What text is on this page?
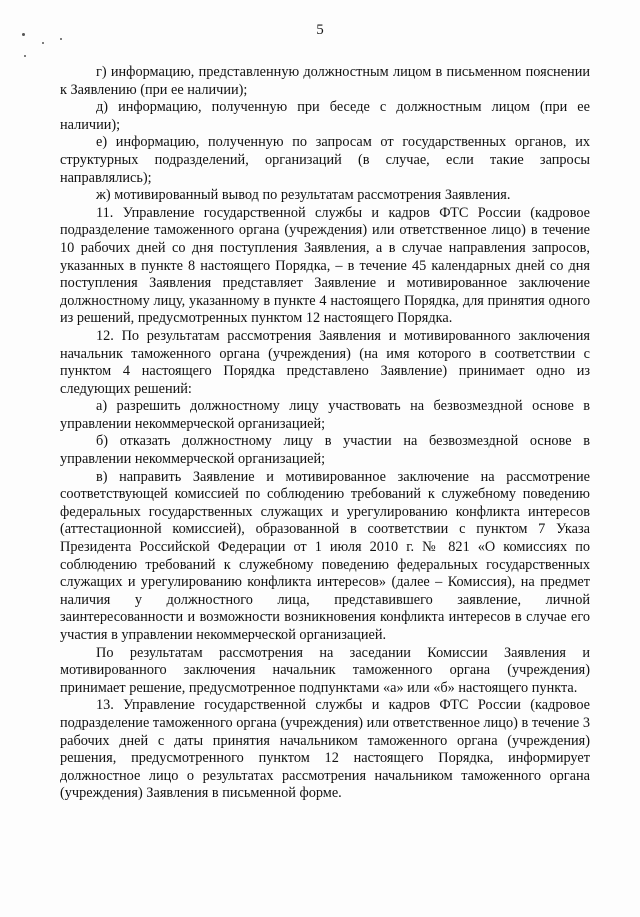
5

г) информацию, представленную должностным лицом в письменном пояснении к Заявлению (при ее наличии);

д) информацию, полученную при беседе с должностным лицом (при ее наличии);

е) информацию, полученную по запросам от государственных органов, их структурных подразделений, организаций (в случае, если такие запросы направлялись);

ж) мотивированный вывод по результатам рассмотрения Заявления.

11. Управление государственной службы и кадров ФТС России (кадровое подразделение таможенного органа (учреждения) или ответственное лицо) в течение 10 рабочих дней со дня поступления Заявления, а в случае направления запросов, указанных в пункте 8 настоящего Порядка, – в течение 45 календарных дней со дня поступления Заявления представляет Заявление и мотивированное заключение должностному лицу, указанному в пункте 4 настоящего Порядка, для принятия одного из решений, предусмотренных пунктом 12 настоящего Порядка.

12. По результатам рассмотрения Заявления и мотивированного заключения начальник таможенного органа (учреждения) (на имя которого в соответствии с пунктом 4 настоящего Порядка представлено Заявление) принимает одно из следующих решений:

а) разрешить должностному лицу участвовать на безвозмездной основе в управлении некоммерческой организацией;

б) отказать должностному лицу в участии на безвозмездной основе в управлении некоммерческой организацией;

в) направить Заявление и мотивированное заключение на рассмотрение соответствующей комиссией по соблюдению требований к служебному поведению федеральных государственных служащих и урегулированию конфликта интересов (аттестационной комиссией), образованной в соответствии с пунктом 7 Указа Президента Российской Федерации от 1 июля 2010 г. № 821 «О комиссиях по соблюдению требований к служебному поведению федеральных государственных служащих и урегулированию конфликта интересов» (далее – Комиссия), на предмет наличия у должностного лица, представившего заявление, личной заинтересованности и возможности возникновения конфликта интересов в случае его участия в управлении некоммерческой организацией.

По результатам рассмотрения на заседании Комиссии Заявления и мотивированного заключения начальник таможенного органа (учреждения) принимает решение, предусмотренное подпунктами «а» или «б» настоящего пункта.

13. Управление государственной службы и кадров ФТС России (кадровое подразделение таможенного органа (учреждения) или ответственное лицо) в течение 3 рабочих дней с даты принятия начальником таможенного органа (учреждения) решения, предусмотренного пунктом 12 настоящего Порядка, информирует должностное лицо о результатах рассмотрения начальником таможенного органа (учреждения) Заявления в письменной форме.
